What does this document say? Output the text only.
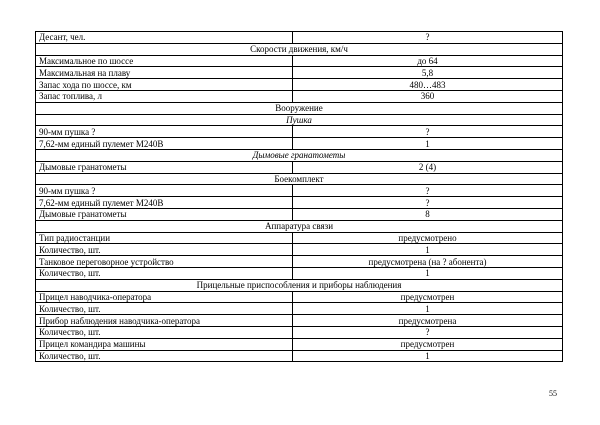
Десант, чел.	?
Скорости движения, км/ч	
Максимальное по шоссе	до 64
Максимальная на плаву	5,8
Запас хода по шоссе, км	480…483
Запас топлива, л	360
Вооружение	
Пушка	
90-мм пушка ?	?
7,62-мм единый пулемет M240B	1
Дымовые гранатометы	
Дымовые гранатометы	2 (4)
Боекомплект	
90-мм пушка ?	?
7,62-мм единый пулемет M240B	?
Дымовые гранатометы	8
Аппаратура связи	
Тип радиостанции	предусмотрено
Количество, шт.	1
Танковое переговорное устройство	предусмотрена (на ? абонента)
Количество, шт.	1
Прицельные приспособления и приборы наблюдения	
Прицел наводчика-оператора	предусмотрен
Количество, шт.	1
Прибор наблюдения наводчика-оператора	предусмотрена
Количество, шт.	?
Прицел командира машины	предусмотрен
Количество, шт.	1
55
